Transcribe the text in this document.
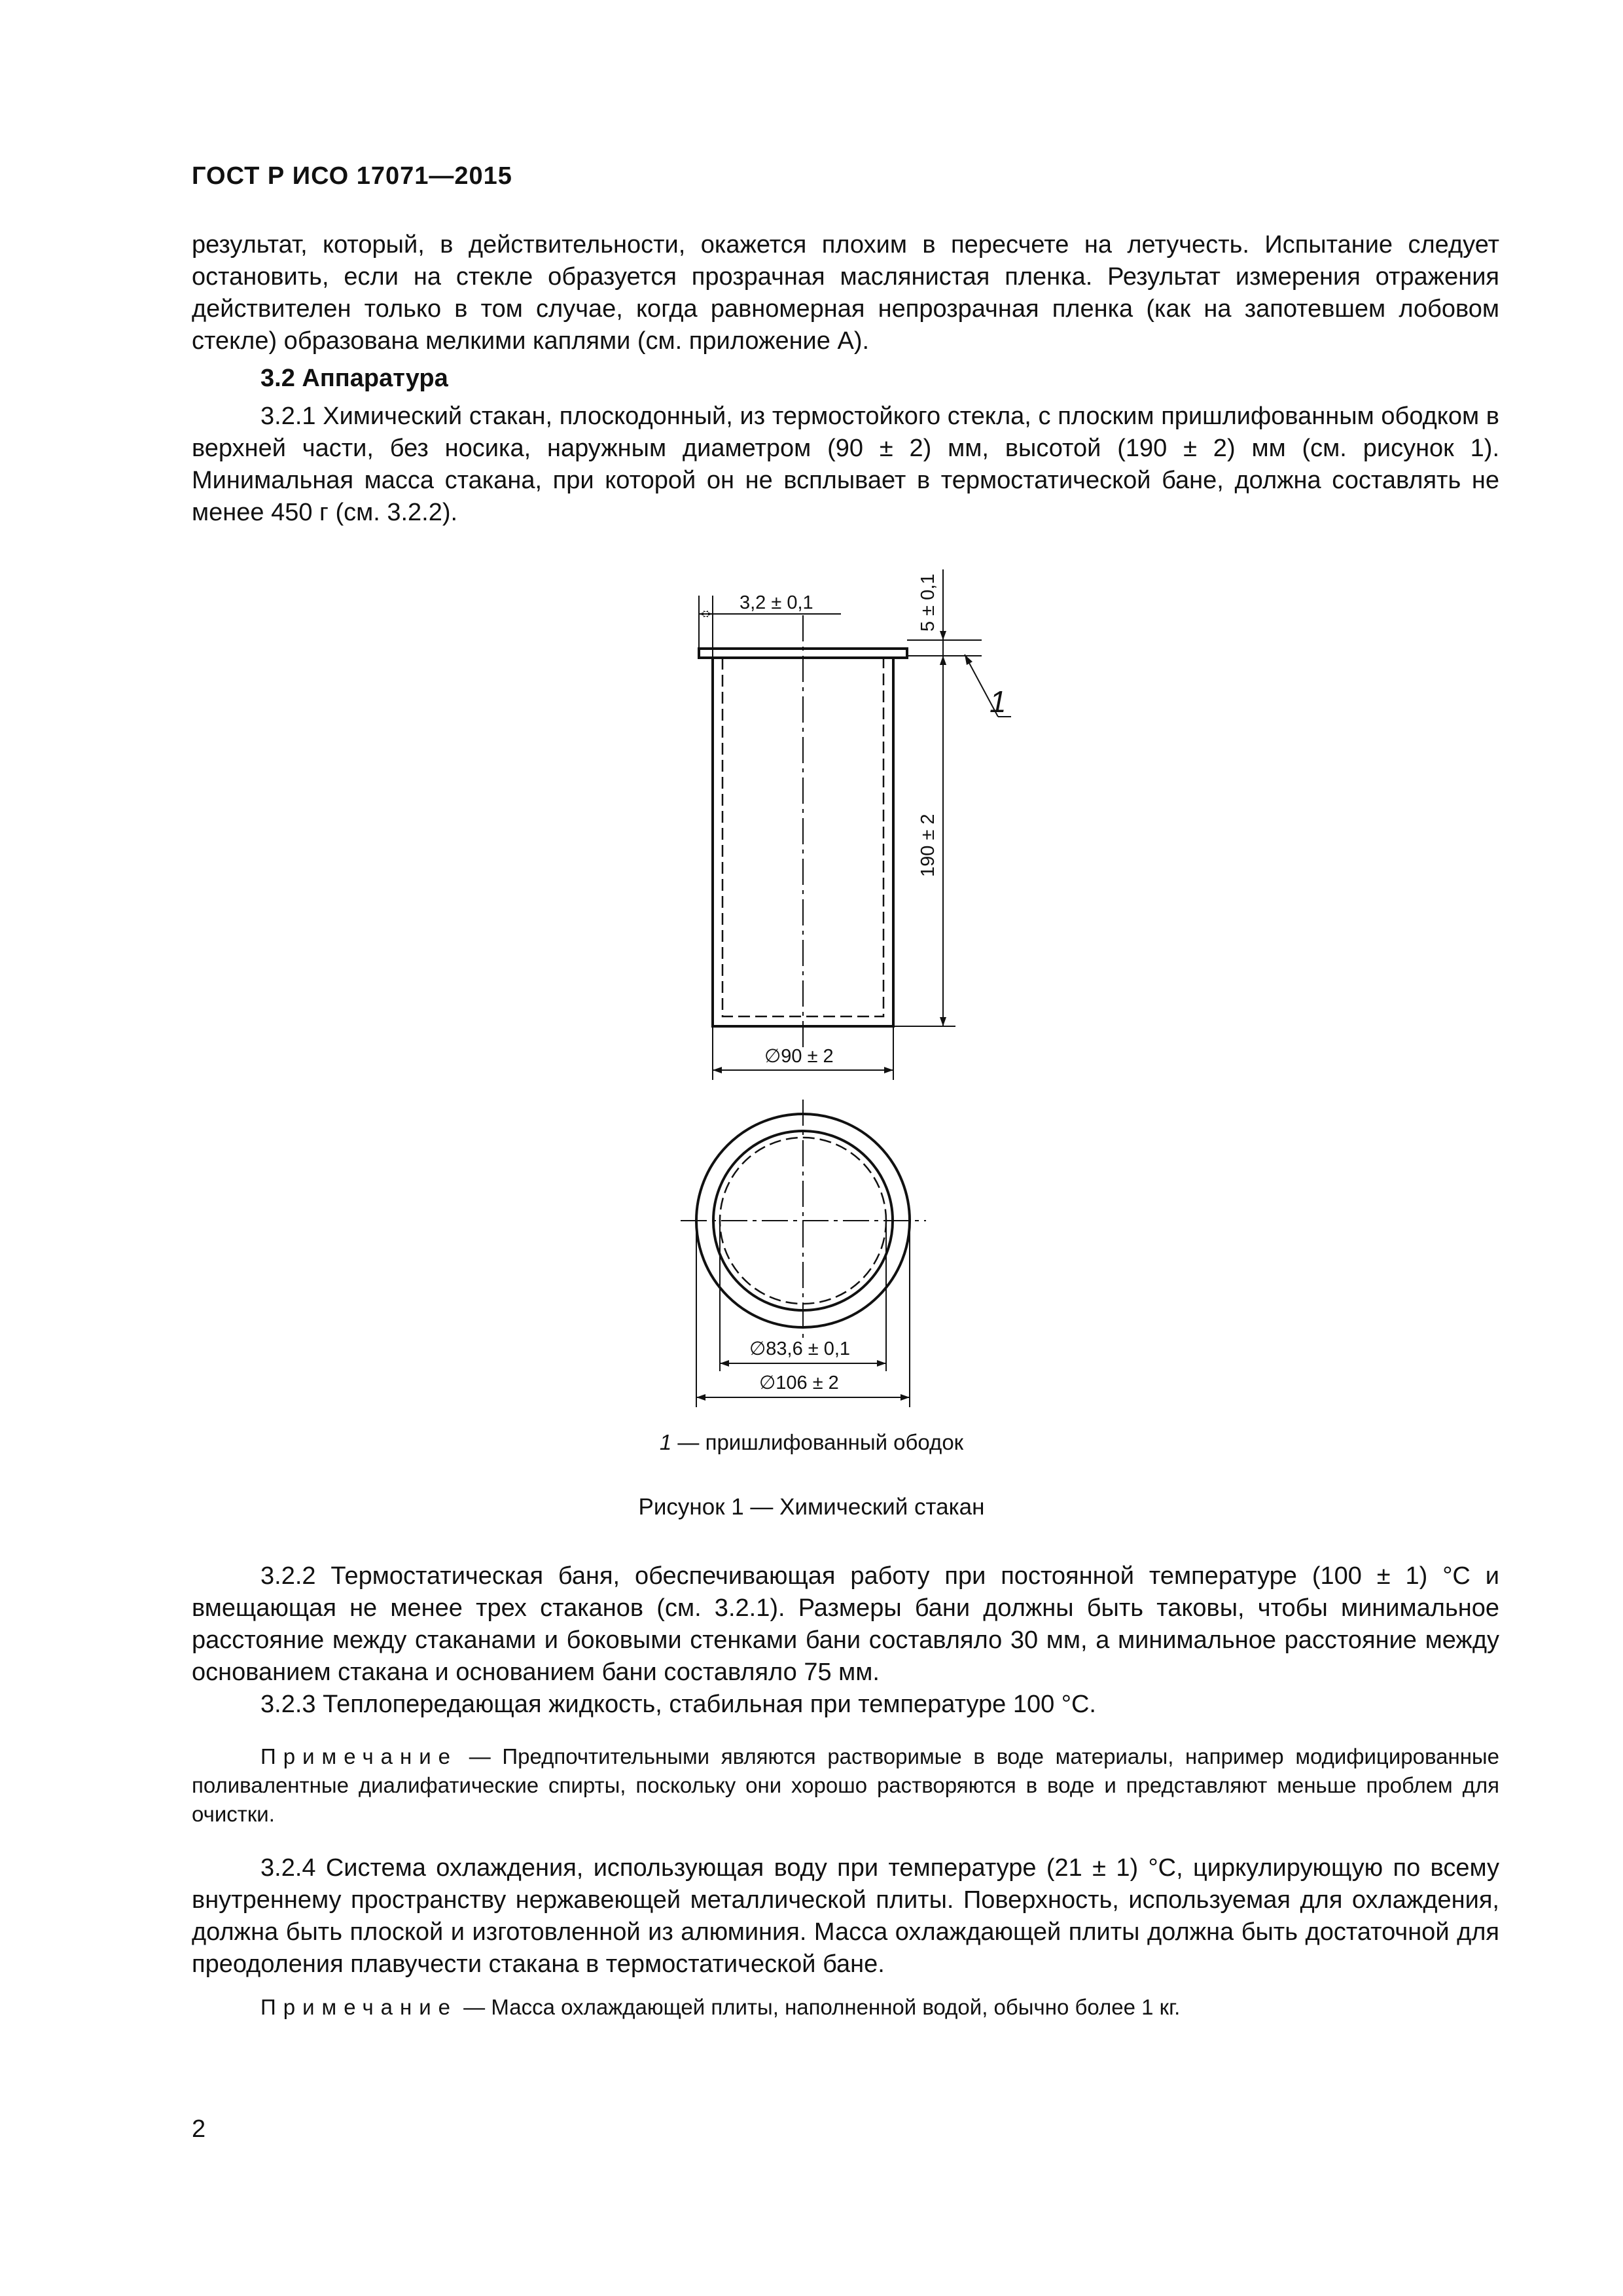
ГОСТ Р ИСО 17071—2015

результат, который, в действительности, окажется плохим в пересчете на летучесть. Испытание следует остановить, если на стекле образуется прозрачная маслянистая пленка. Результат измерения отражения действителен только в том случае, когда равномерная непрозрачная пленка (как на запотевшем лобовом стекле) образована мелкими каплями (см. приложение А).

3.2 Аппаратура

3.2.1 Химический стакан, плоскодонный, из термостойкого стекла, с плоским пришлифованным ободком в верхней части, без носика, наружным диаметром (90 ± 2) мм, высотой (190 ± 2) мм (см. рисунок 1). Минимальная масса стакана, при которой он не всплывает в термостатической бане, должна составлять не менее 450 г (см. 3.2.2).

3,2 ± 0,1	5 ± 0,1
190 ± 2
1
∅90 ± 2
∅83,6 ± 0,1
∅106 ± 2
1 — пришлифованный ободок
Рисунок 1 — Химический стакан

3.2.2 Термостатическая баня, обеспечивающая работу при постоянной температуре (100 ± 1) °С и вмещающая не менее трех стаканов (см. 3.2.1). Размеры бани должны быть таковы, чтобы минимальное расстояние между стаканами и боковыми стенками бани составляло 30 мм, а минимальное расстояние между основанием стакана и основанием бани составляло 75 мм.

3.2.3 Теплопередающая жидкость, стабильная при температуре 100 °С.

Примечание — Предпочтительными являются растворимые в воде материалы, например модифицированные поливалентные диалифатические спирты, поскольку они хорошо растворяются в воде и представляют меньше проблем для очистки.

3.2.4 Система охлаждения, использующая воду при температуре (21 ± 1) °С, циркулирующую по всему внутреннему пространству нержавеющей металлической плиты. Поверхность, используемая для охлаждения, должна быть плоской и изготовленной из алюминия. Масса охлаждающей плиты должна быть достаточной для преодоления плавучести стакана в термостатической бане.

Примечание — Масса охлаждающей плиты, наполненной водой, обычно более 1 кг.

2
